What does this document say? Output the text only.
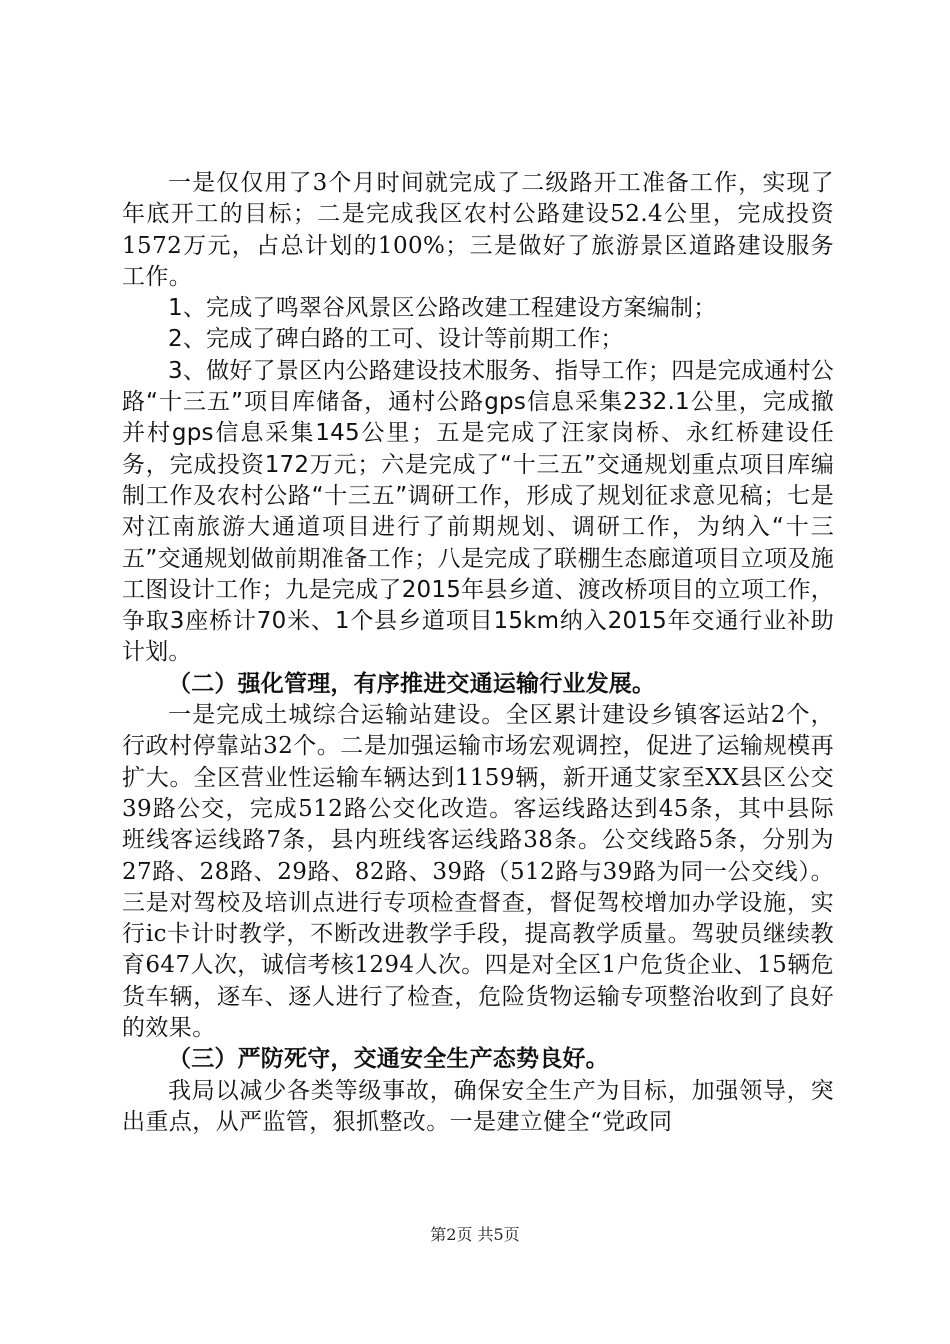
一是仅仅用了3个月时间就完成了二级路开工准备工作，实现了年底开工的目标；二是完成我区农村公路建设52.4公里，完成投资1572万元，占总计划的100%；三是做好了旅游景区道路建设服务工作。

1、完成了鸣翠谷风景区公路改建工程建设方案编制；

2、完成了碑白路的工可、设计等前期工作；

3、做好了景区内公路建设技术服务、指导工作；四是完成通村公路“十三五”项目库储备，通村公路gps信息采集232.1公里，完成撤并村gps信息采集145公里；五是完成了汪家岗桥、永红桥建设任务，完成投资172万元；六是完成了“十三五”交通规划重点项目库编制工作及农村公路“十三五”调研工作，形成了规划征求意见稿；七是对江南旅游大通道项目进行了前期规划、调研工作，为纳入“十三五”交通规划做前期准备工作；八是完成了联棚生态廊道项目立项及施工图设计工作；九是完成了2015年县乡道、渡改桥项目的立项工作，争取3座桥计70米、1个县乡道项目15km纳入2015年交通行业补助计划。

（二）强化管理，有序推进交通运输行业发展。

一是完成土城综合运输站建设。全区累计建设乡镇客运站2个，行政村停靠站32个。二是加强运输市场宏观调控，促进了运输规模再扩大。全区营业性运输车辆达到1159辆，新开通艾家至XX县区公交39路公交，完成512路公交化改造。客运线路达到45条，其中县际班线客运线路7条，县内班线客运线路38条。公交线路5条，分别为27路、28路、29路、82路、39路（512路与39路为同一公交线）。三是对驾校及培训点进行专项检查督查，督促驾校增加办学设施，实行ic卡计时教学，不断改进教学手段，提高教学质量。驾驶员继续教育647人次，诚信考核1294人次。四是对全区1户危货企业、15辆危货车辆，逐车、逐人进行了检查，危险货物运输专项整治收到了良好的效果。

（三）严防死守，交通安全生产态势良好。

我局以减少各类等级事故，确保安全生产为目标，加强领导，突出重点，从严监管，狠抓整改。一是建立健全“党政同

第2页 共5页
